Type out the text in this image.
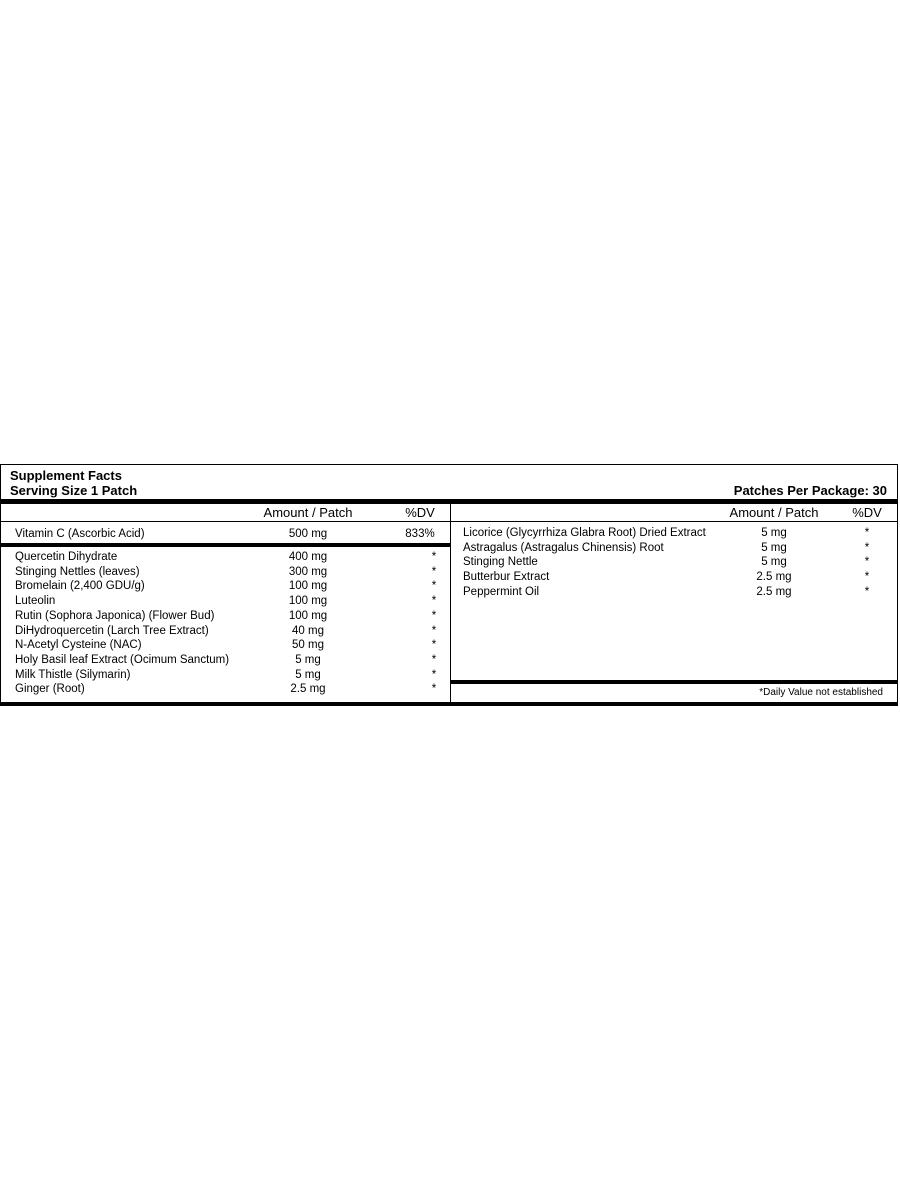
Supplement Facts
Serving Size 1 Patch	Patches Per Package: 30
Amount / Patch	%DV	Amount / Patch	%DV
Vitamin C (Ascorbic Acid)	500 mg	833%
Quercetin Dihydrate	400 mg	*
Stinging Nettles (leaves)	300 mg	*
Bromelain (2,400 GDU/g)	100 mg	*
Luteolin	100 mg	*
Rutin (Sophora Japonica) (Flower Bud)	100 mg	*
DiHydroquercetin (Larch Tree Extract)	40 mg	*
N-Acetyl Cysteine (NAC)	50 mg	*
Holy Basil leaf Extract (Ocimum Sanctum)	5 mg	*
Milk Thistle (Silymarin)	5 mg	*
Ginger (Root)	2.5 mg	*
Licorice (Glycyrrhiza Glabra Root) Dried Extract	5 mg	*
Astragalus (Astragalus Chinensis) Root	5 mg	*
Stinging Nettle	5 mg	*
Butterbur Extract	2.5 mg	*
Peppermint Oil	2.5 mg	*
*Daily Value not established
